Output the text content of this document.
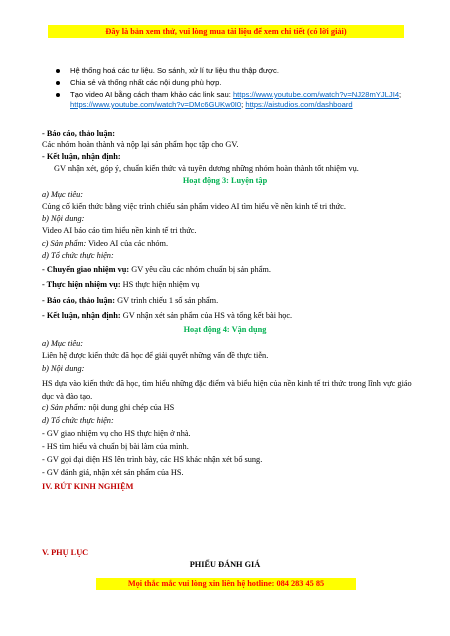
Đây là bản xem thử, vui lòng mua tài liệu để xem chi tiết (có lời giải)
Hệ thống hoá các tư liệu. So sánh, xử lí tư liệu thu thập được.
Chia sẻ và thống nhất các nội dung phù hợp.
Tạo video AI bằng cách tham khảo các link sau: https://www.youtube.com/watch?v=NJ28mYJLJI4; https://www.youtube.com/watch?v=DMc6GUKw0I0; https://aistudios.com/dashboard
- Báo cáo, thảo luận:
Các nhóm hoàn thành và nộp lại sản phẩm học tập cho GV.
- Kết luận, nhận định:
GV nhận xét, góp ý, chuẩn kiến thức và tuyên dương những nhóm hoàn thành tốt nhiệm vụ.
Hoạt động 3: Luyện tập
a) Mục tiêu:
Củng cố kiến thức bằng việc trình chiếu sản phẩm video AI tìm hiểu về nền kinh tế tri thức.
b) Nội dung:
Video AI báo cáo tìm hiểu nền kinh tế tri thức.
c) Sản phẩm: Video AI của các nhóm.
d) Tổ chức thực hiện:
- Chuyển giao nhiệm vụ: GV yêu cầu các nhóm chuẩn bị sản phẩm.
- Thực hiện nhiệm vụ: HS thực hiện nhiệm vụ
- Báo cáo, thảo luận: GV trình chiếu 1 số sản phẩm.
- Kết luận, nhận định: GV nhận xét sản phẩm của HS và tổng kết bài học.
Hoạt động 4: Vận dụng
a) Mục tiêu:
Liên hệ được kiến thức đã học để giải quyết những vấn đề thực tiễn.
b) Nội dung:
HS dựa vào kiến thức đã học, tìm hiểu những đặc điểm và biểu hiện của nền kinh tế tri thức trong lĩnh vực giáo dục và đào tạo.
c) Sản phẩm: nội dung ghi chép của HS
d) Tổ chức thực hiện:
- GV giao nhiệm vụ cho HS thực hiện ở nhà.
- HS tìm hiểu và chuẩn bị bài làm của mình.
- GV gọi đại diện HS lên trình bày, các HS khác nhận xét bổ sung.
- GV đánh giá, nhận xét sản phẩm của HS.
IV. RÚT KINH NGHIỆM
V. PHỤ LỤC
PHIẾU ĐÁNH GIÁ
Mọi thắc mắc vui lòng xin liên hệ hotline: 084 283 45 85
